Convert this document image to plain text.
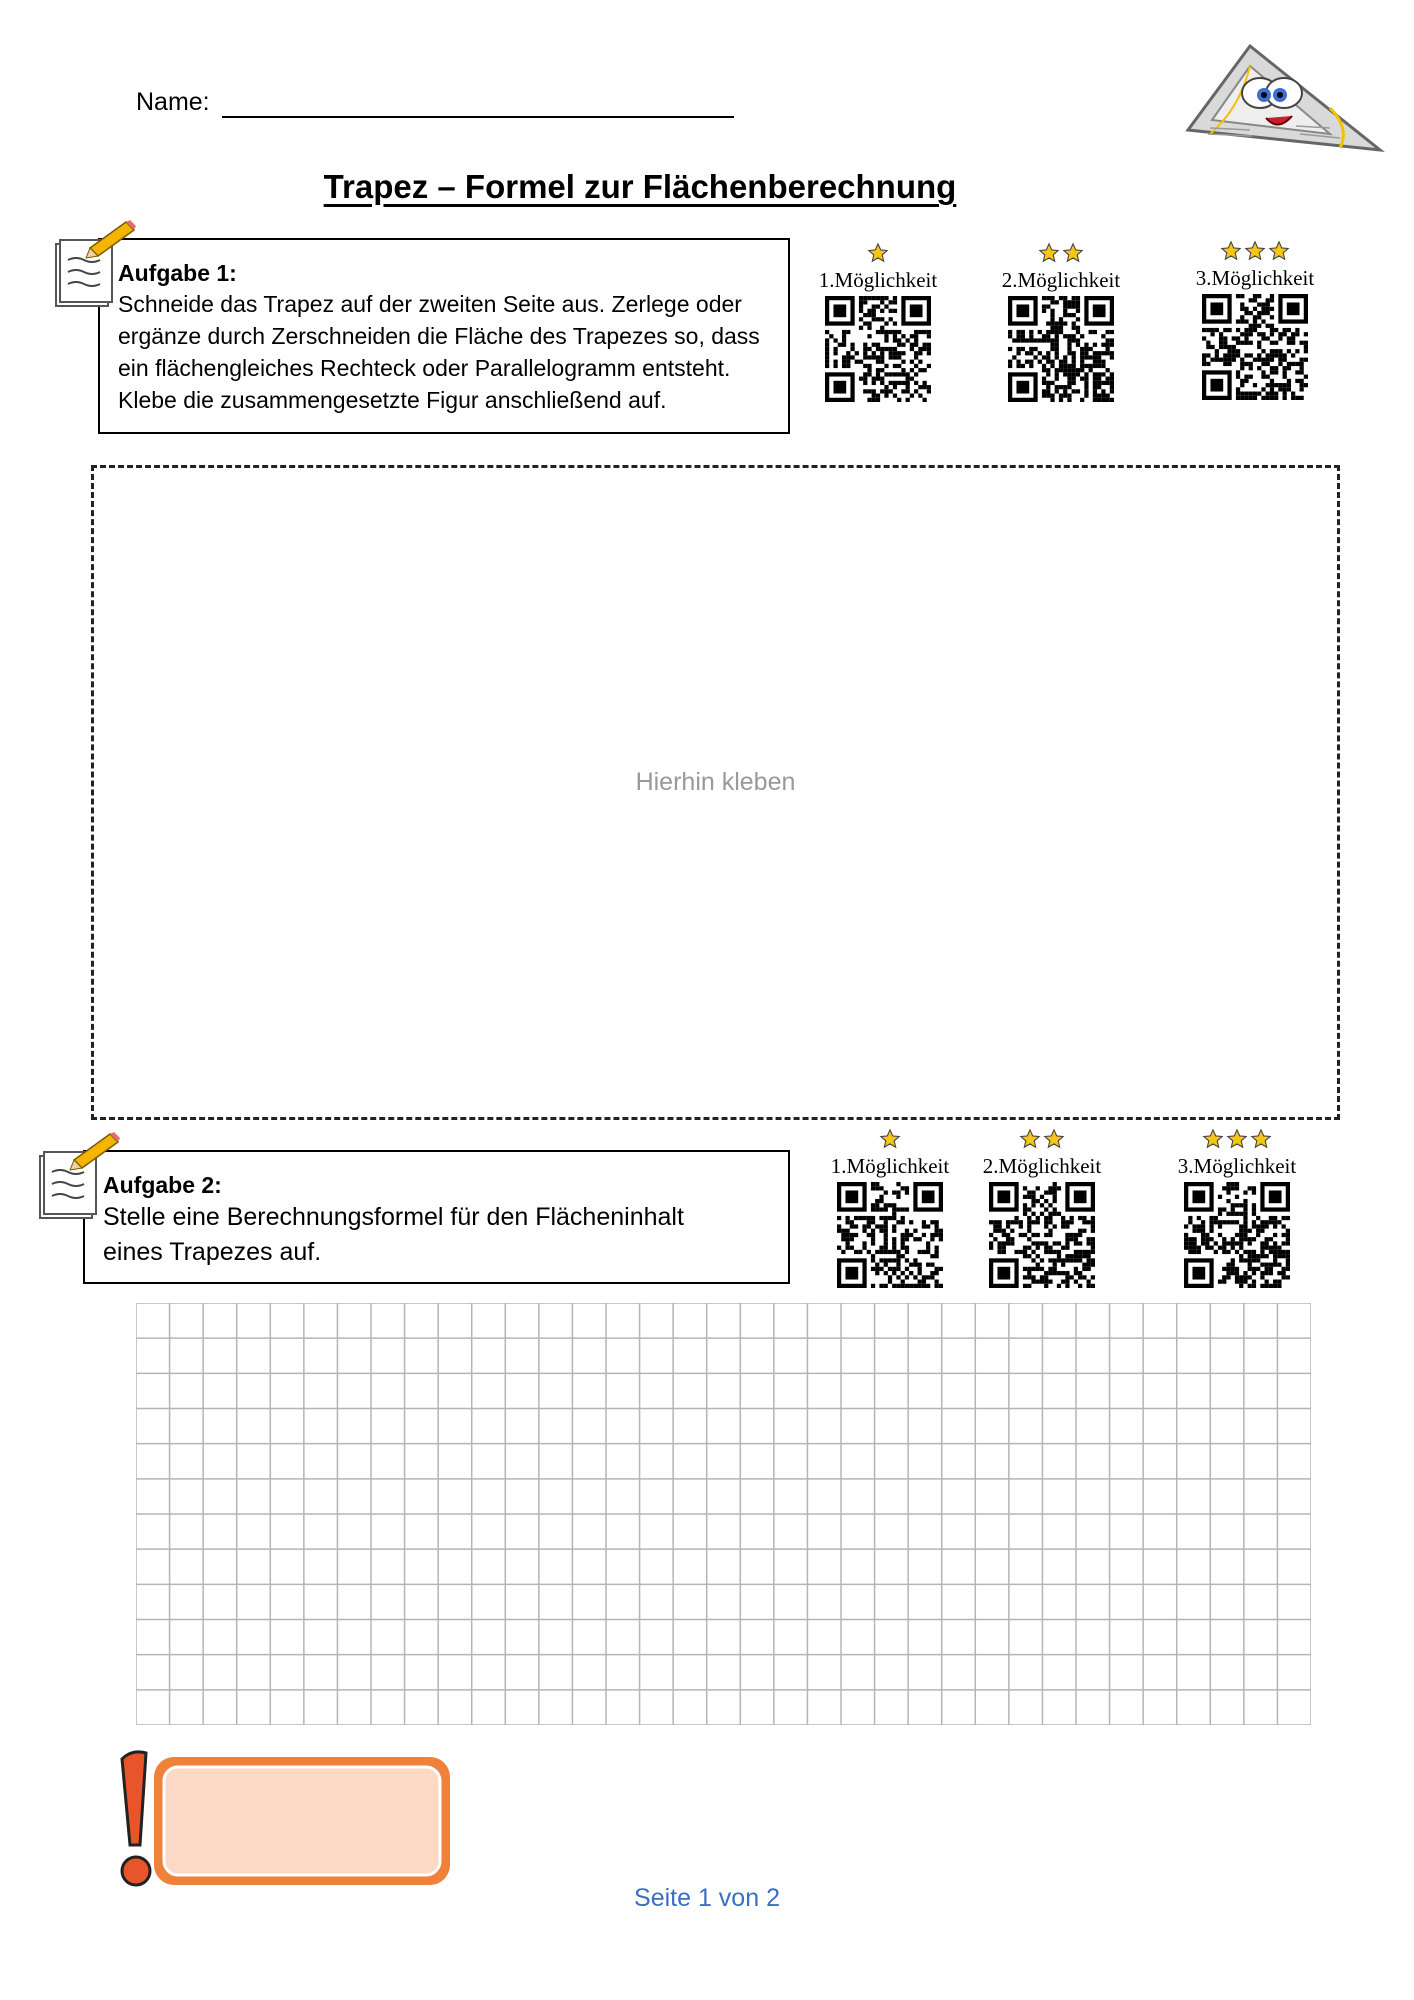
Name:
Trapez – Formel zur Flächenberechnung
Aufgabe 1:
Schneide das Trapez auf der zweiten Seite aus. Zerlege oder
ergänze durch Zerschneiden die Fläche des Trapezes so, dass
ein flächengleiches Rechteck oder Parallelogramm entsteht.
Klebe die zusammengesetzte Figur anschließend auf.
1.Möglichkeit	2.Möglichkeit	3.Möglichkeit
Hierhin kleben
Aufgabe 2:
Stelle eine Berechnungsformel für den Flächeninhalt
eines Trapezes auf.
1.Möglichkeit	2.Möglichkeit	3.Möglichkeit
Seite 1 von 2
